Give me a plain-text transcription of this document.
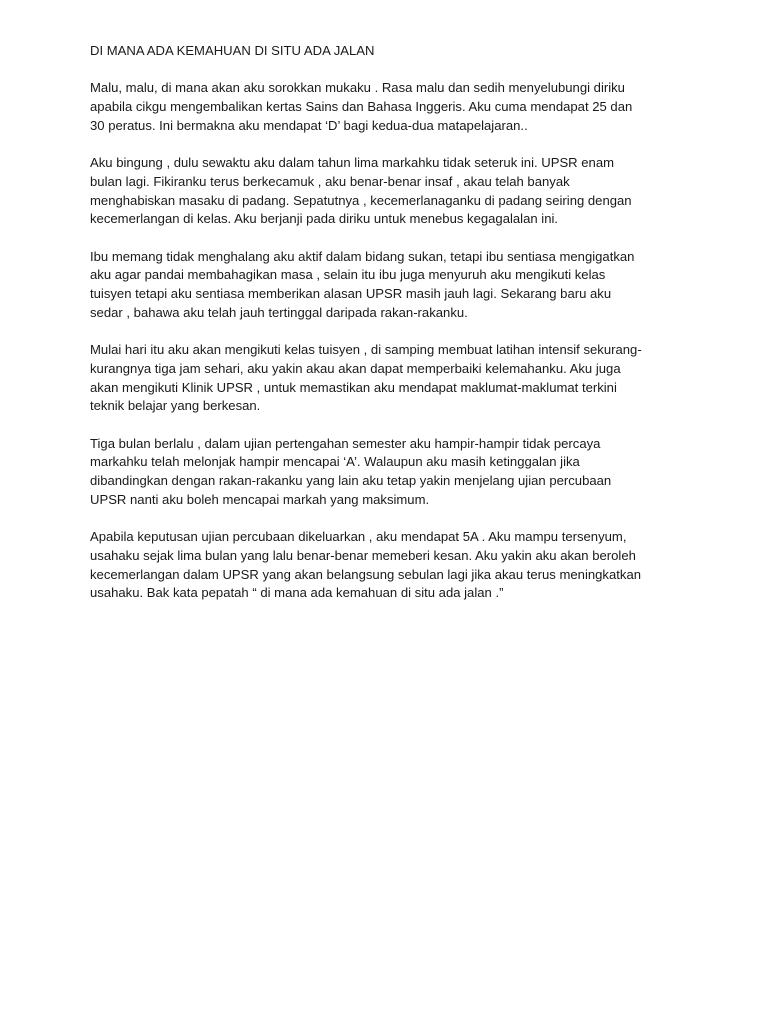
DI MANA ADA KEMAHUAN DI SITU ADA JALAN
Malu, malu, di mana akan aku sorokkan mukaku . Rasa malu dan sedih menyelubungi diriku
apabila cikgu mengembalikan kertas Sains dan Bahasa Inggeris. Aku cuma mendapat 25 dan
30 peratus. Ini bermakna aku mendapat ‘D’ bagi kedua-dua matapelajaran..
Aku bingung , dulu sewaktu aku dalam tahun lima markahku tidak seteruk ini. UPSR enam
bulan lagi. Fikiranku terus berkecamuk , aku benar-benar insaf , akau telah banyak
menghabiskan masaku di padang. Sepatutnya , kecemerlanaganku di padang seiring dengan
kecemerlangan di kelas. Aku berjanji pada diriku untuk menebus kegagalalan ini.
Ibu memang tidak menghalang aku aktif dalam bidang sukan, tetapi ibu sentiasa mengigatkan
aku agar pandai membahagikan masa , selain itu ibu juga menyuruh aku mengikuti kelas
tuisyen tetapi aku sentiasa memberikan alasan UPSR masih jauh lagi. Sekarang baru aku
sedar , bahawa aku telah jauh tertinggal daripada rakan-rakanku.
Mulai hari itu aku akan mengikuti kelas tuisyen , di samping membuat latihan intensif sekurang-
kurangnya tiga jam sehari, aku yakin akau akan dapat memperbaiki kelemahanku. Aku juga
akan mengikuti Klinik UPSR , untuk memastikan aku mendapat maklumat-maklumat terkini
teknik belajar yang berkesan.
Tiga bulan berlalu , dalam ujian pertengahan semester aku hampir-hampir tidak percaya
markahku telah melonjak hampir mencapai ‘A’. Walaupun aku masih ketinggalan jika
dibandingkan dengan rakan-rakanku yang lain aku tetap yakin menjelang ujian percubaan
UPSR nanti aku boleh mencapai markah yang maksimum.
Apabila keputusan ujian percubaan dikeluarkan , aku mendapat 5A . Aku mampu tersenyum,
usahaku sejak lima bulan yang lalu benar-benar memeberi kesan. Aku yakin aku akan beroleh
kecemerlangan dalam UPSR yang akan belangsung sebulan lagi jika akau terus meningkatkan
usahaku. Bak kata pepatah “ di mana ada kemahuan di situ ada jalan .”
